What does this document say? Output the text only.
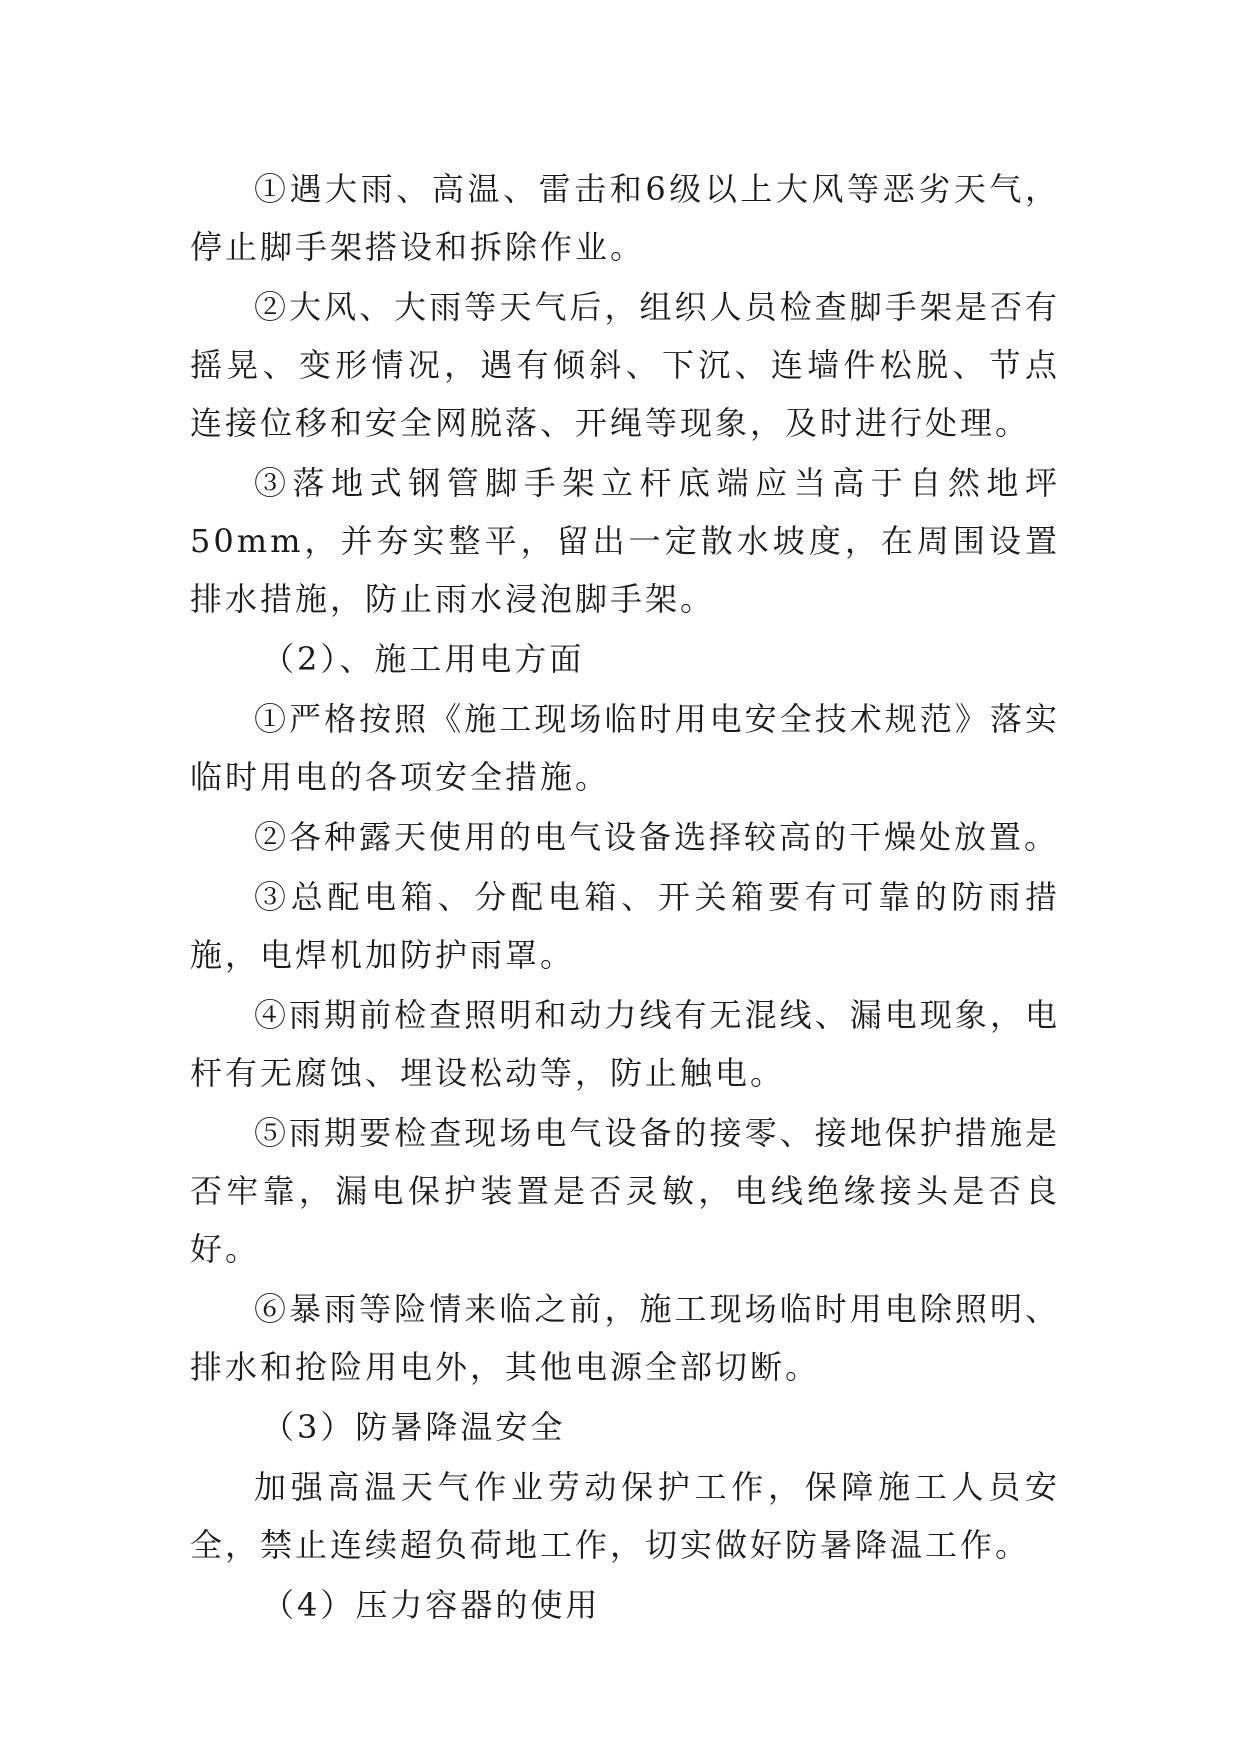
①遇大雨、高温、雷击和6级以上大风等恶劣天气，停止脚手架搭设和拆除作业。

②大风、大雨等天气后，组织人员检查脚手架是否有摇晃、变形情况，遇有倾斜、下沉、连墙件松脱、节点连接位移和安全网脱落、开绳等现象，及时进行处理。

③落地式钢管脚手架立杆底端应当高于自然地坪50mm，并夯实整平，留出一定散水坡度，在周围设置排水措施，防止雨水浸泡脚手架。

（2）、施工用电方面

①严格按照《施工现场临时用电安全技术规范》落实临时用电的各项安全措施。

②各种露天使用的电气设备选择较高的干燥处放置。

③总配电箱、分配电箱、开关箱要有可靠的防雨措施，电焊机加防护雨罩。

④雨期前检查照明和动力线有无混线、漏电现象，电杆有无腐蚀、埋设松动等，防止触电。

⑤雨期要检查现场电气设备的接零、接地保护措施是否牢靠，漏电保护装置是否灵敏，电线绝缘接头是否良好。

⑥暴雨等险情来临之前，施工现场临时用电除照明、排水和抢险用电外，其他电源全部切断。

（3）防暑降温安全

加强高温天气作业劳动保护工作，保障施工人员安全，禁止连续超负荷地工作，切实做好防暑降温工作。

（4）压力容器的使用
